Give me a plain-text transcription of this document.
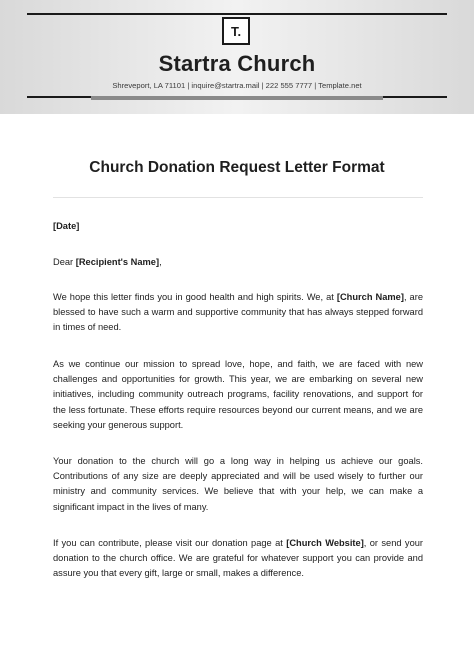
T.
Startra Church
Shreveport, LA 71101 | inquire@startra.mail | 222 555 7777 | Template.net
Church Donation Request Letter Format
[Date]
Dear [Recipient's Name],
We hope this letter finds you in good health and high spirits. We, at [Church Name], are blessed to have such a warm and supportive community that has always stepped forward in times of need.
As we continue our mission to spread love, hope, and faith, we are faced with new challenges and opportunities for growth. This year, we are embarking on several new initiatives, including community outreach programs, facility renovations, and support for the less fortunate. These efforts require resources beyond our current means, and we are seeking your generous support.
Your donation to the church will go a long way in helping us achieve our goals. Contributions of any size are deeply appreciated and will be used wisely to further our ministry and community services. We believe that with your help, we can make a significant impact in the lives of many.
If you can contribute, please visit our donation page at [Church Website], or send your donation to the church office. We are grateful for whatever support you can provide and assure you that every gift, large or small, makes a difference.
